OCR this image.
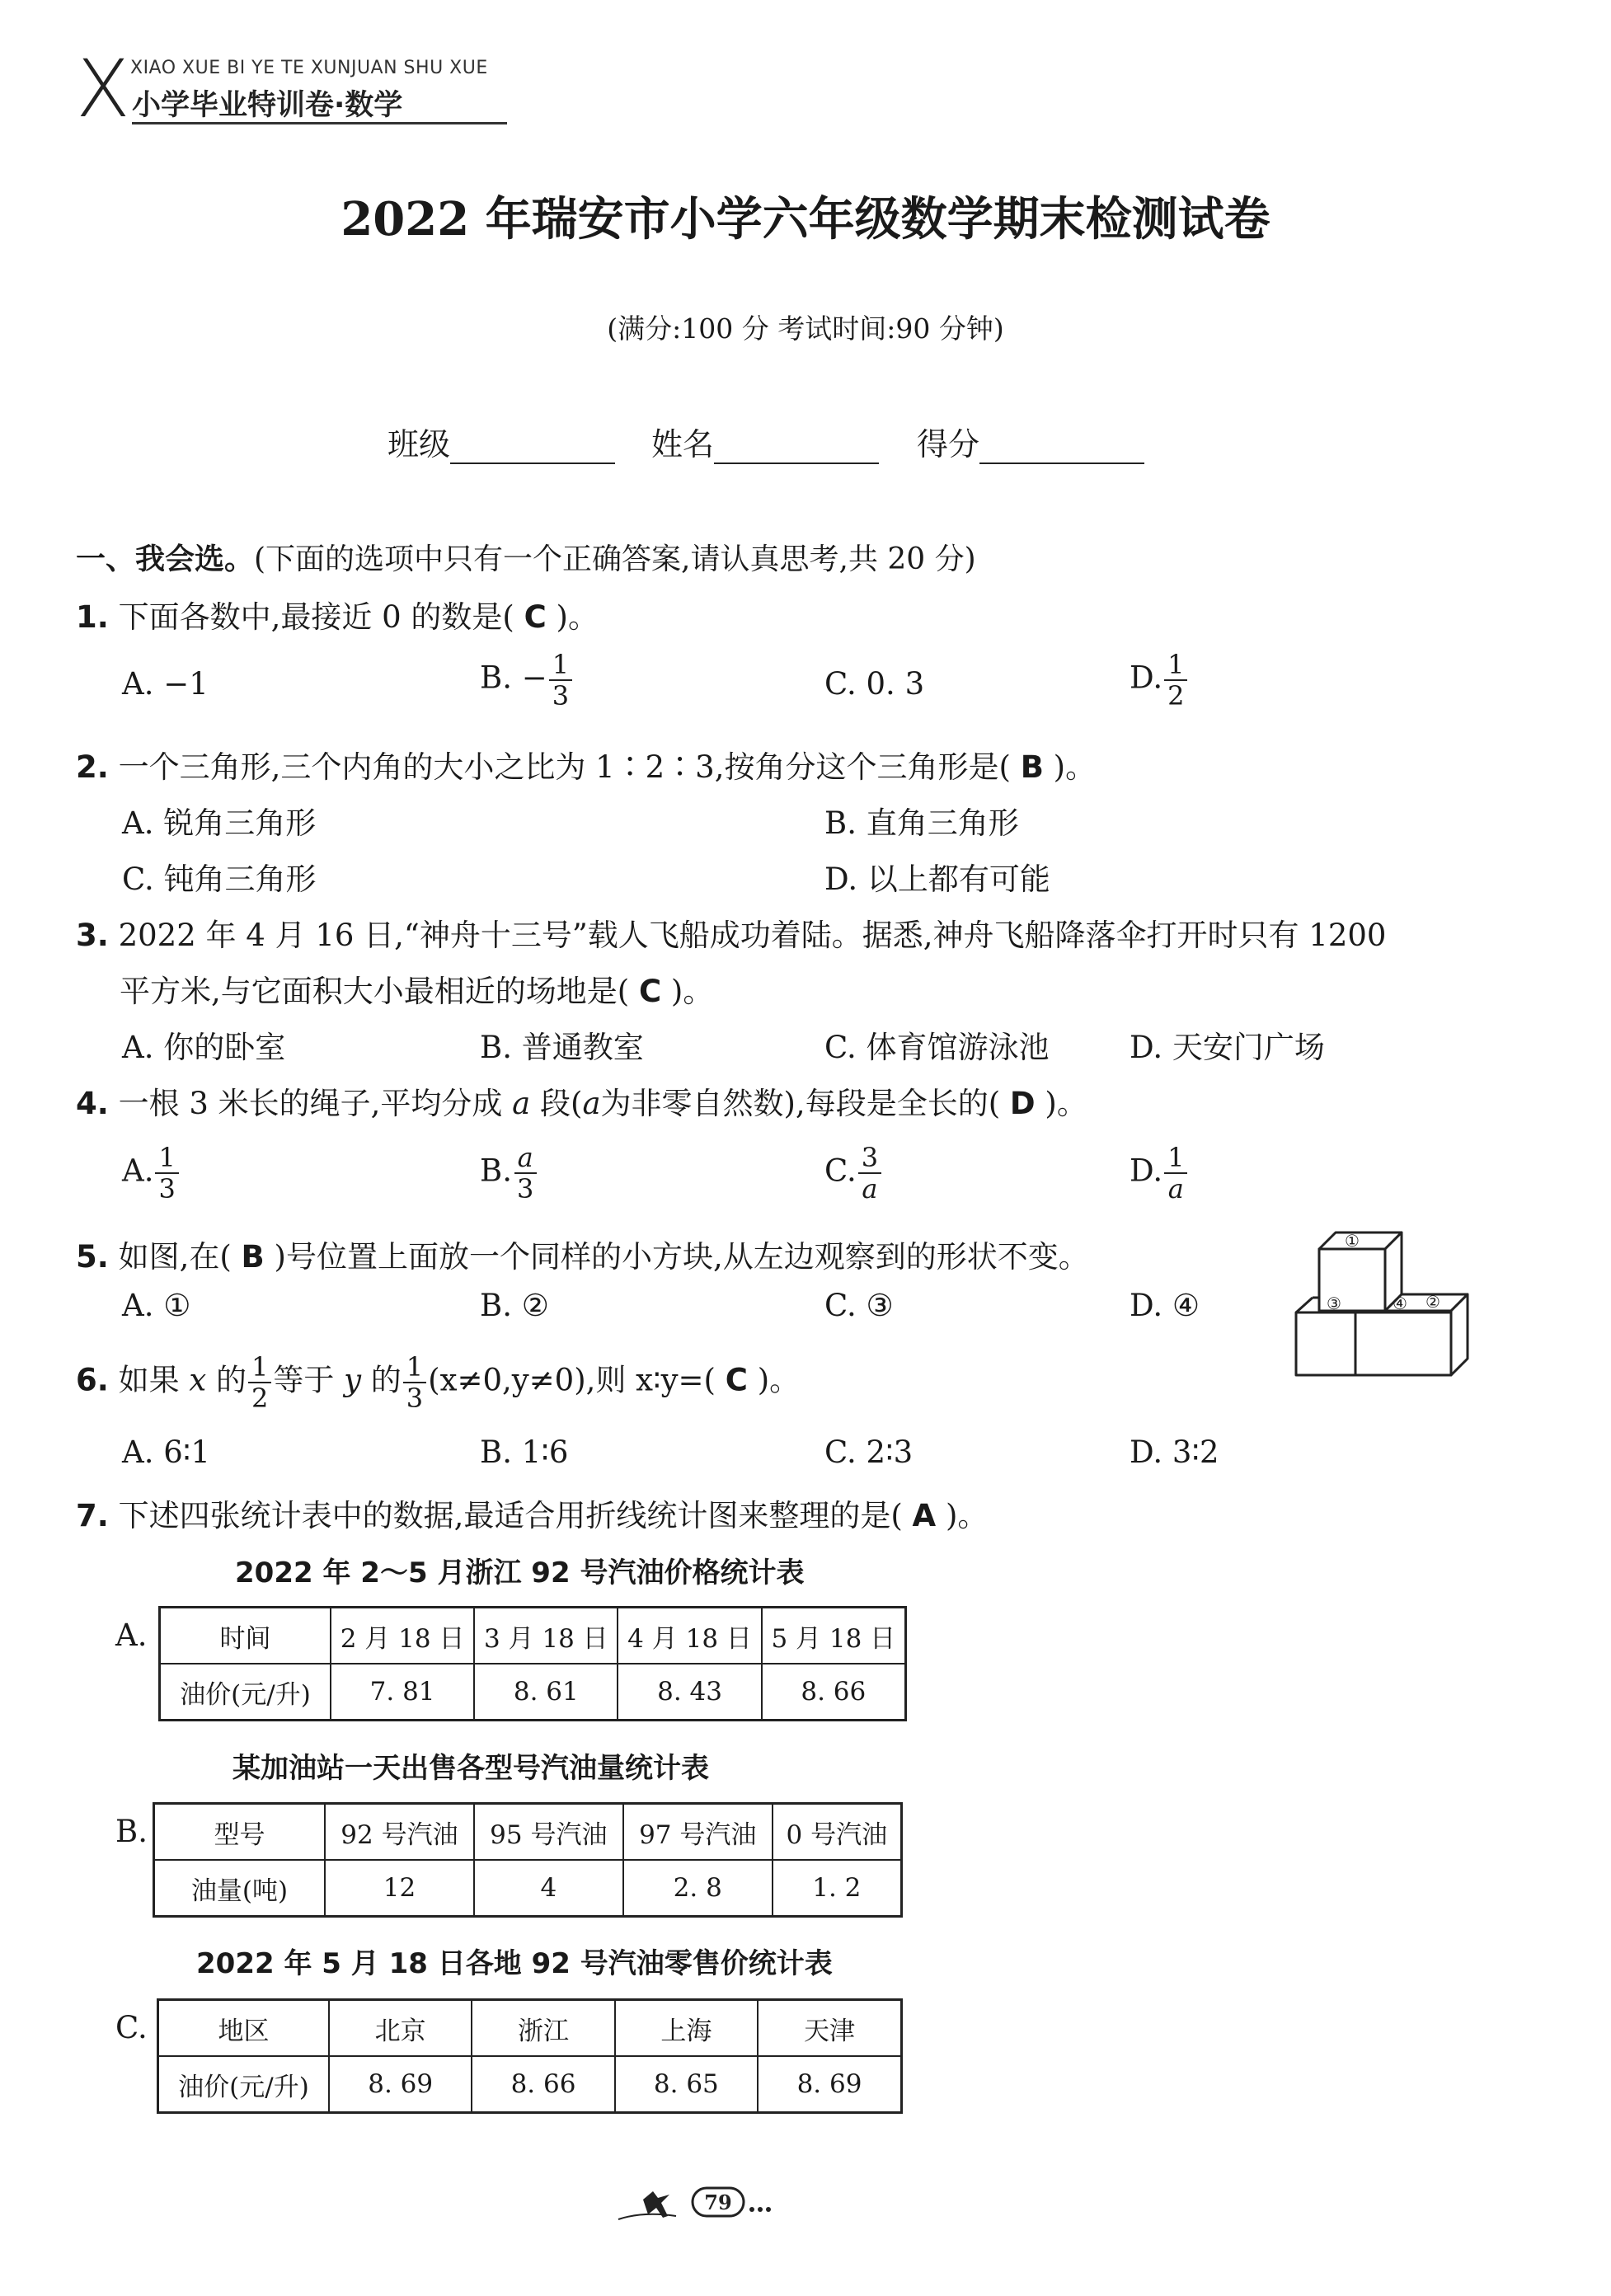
X XIAO XUE BI YE TE XUNJUAN SHU XUE
小学毕业特训卷·数学
2022 年瑞安市小学六年级数学期末检测试卷
(满分:100 分 考试时间:90 分钟)
班级	姓名	得分
一、我会选。(下面的选项中只有一个正确答案,请认真思考,共 20 分)
1. 下面各数中,最接近 0 的数是( C )。
A. −1	B. − $\frac{1}{3}$	C. 0. 3	D. $\frac{1}{2}$
2. 一个三角形,三个内角的大小之比为 1∶2∶3,按角分这个三角形是( B )。
A. 锐角三角形	B. 直角三角形
C. 钝角三角形	D. 以上都有可能
3. 2022 年 4 月 16 日,“神舟十三号”载人飞船成功着陆。据悉,神舟飞船降落伞打开时只有 1200
平方米,与它面积大小最相近的场地是( C )。
A. 你的卧室	B. 普通教室	C. 体育馆游泳池	D. 天安门广场
4. 一根 3 米长的绳子,平均分成 a 段(a为非零自然数),每段是全长的( D )。
A. $\frac{1}{3}$	B. $\frac{a}{3}$	C. $\frac{3}{a}$	D. $\frac{1}{a}$
5. 如图,在( B )号位置上面放一个同样的小方块,从左边观察到的形状不变。
A. ①	B. ②	C. ③	D. ④
①
②
③	④
6. 如果 x 的 $\frac{1}{2}$ 等于 y 的 $\frac{1}{3} (x\ne 0,y\ne 0)$,则 x∶y=( C )。
A. 6∶1	B. 1∶6	C. 2∶3	D. 3∶2
7. 下述四张统计表中的数据,最适合用折线统计图来整理的是( A )。
2022 年 2～5 月浙江 92 号汽油价格统计表
A.	时间	2 月 18 日	3 月 18 日	4 月 18 日	5 月 18 日
油价(元/升)	7. 81	8. 61	8. 43	8. 66
某加油站一天出售各型号汽油量统计表
B.	型号	92 号汽油	95 号汽油	97 号汽油	0 号汽油
油量(吨)	12	4	2. 8	1. 2
2022 年 5 月 18 日各地 92 号汽油零售价统计表
C.	地区	北京	浙江	上海	天津
油价(元/升)	8. 69	8. 66	8. 65	8. 69
79
